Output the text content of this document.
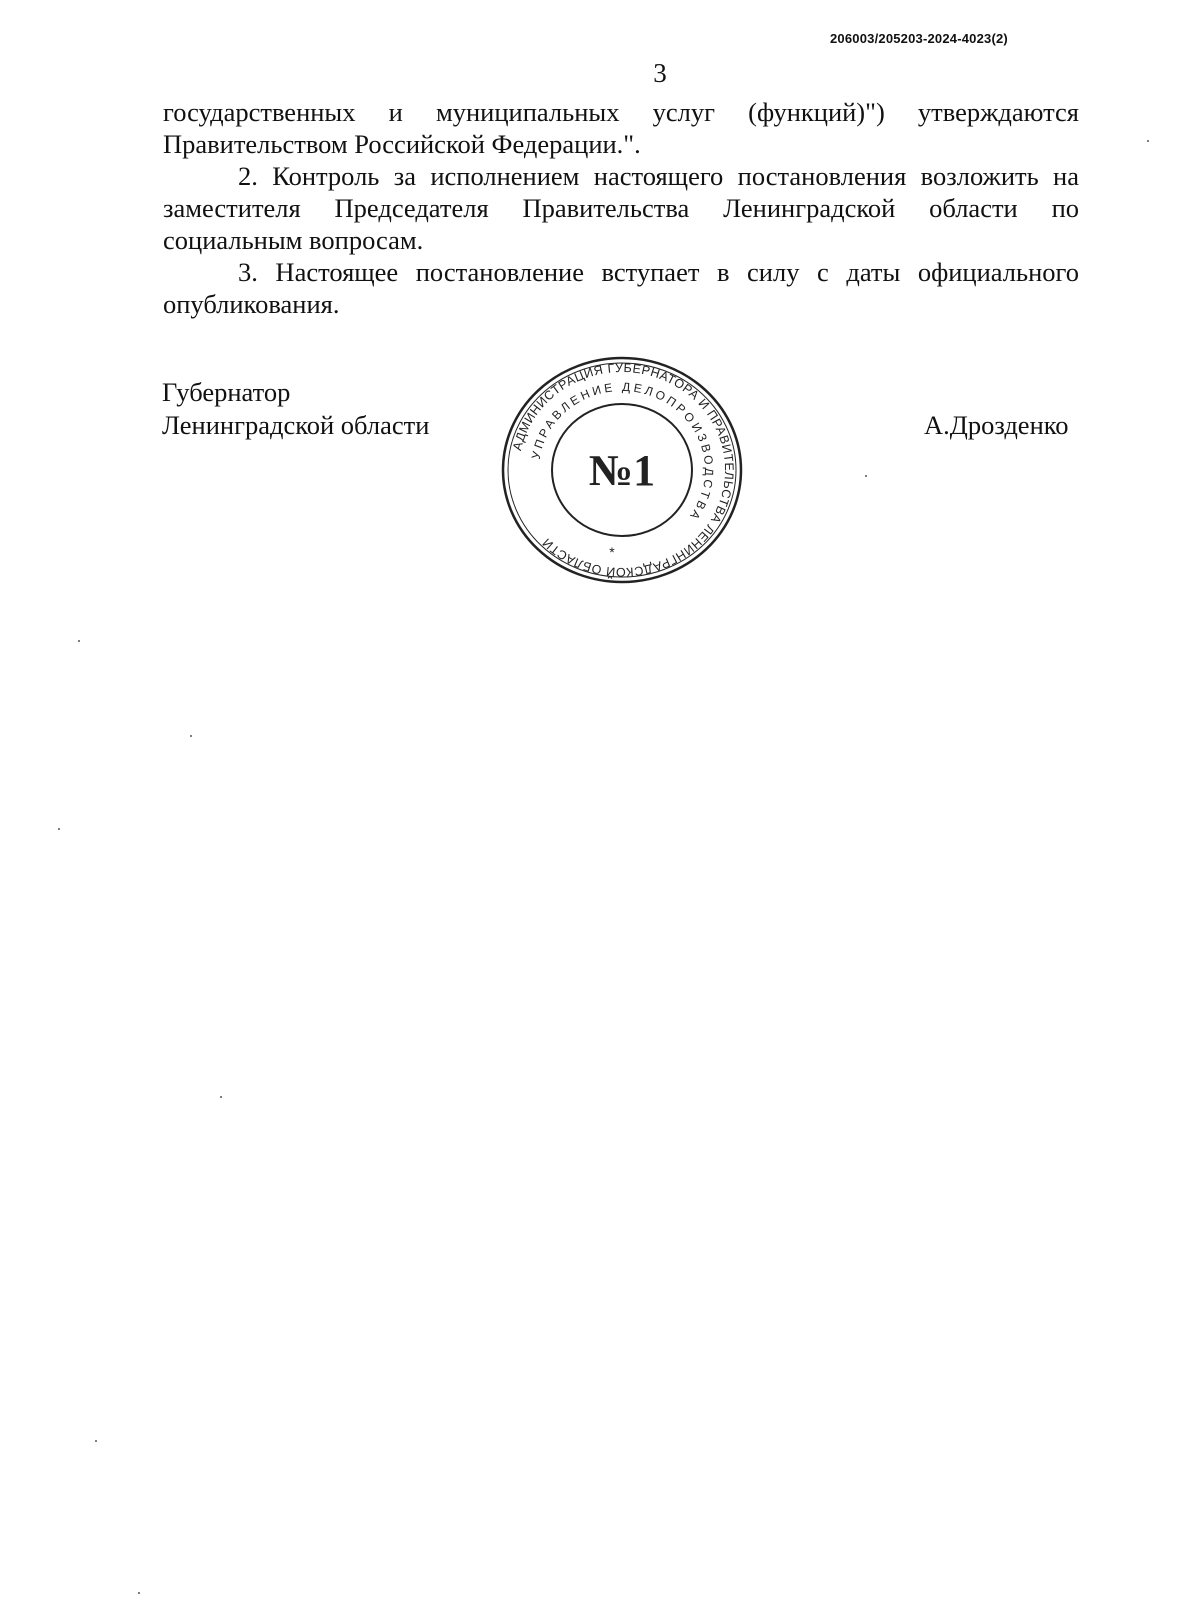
206003/205203-2024-4023(2)
3

государственных и муниципальных услуг (функций)") утверждаются Правительством Российской Федерации.".

2. Контроль за исполнением настоящего постановления возложить на заместителя Председателя Правительства Ленинградской области по социальным вопросам.

3. Настоящее постановление вступает в силу с даты официального опубликования.

Губернатор
Ленинградской области	А.Дрозденко
АДМИНИСТРАЦИЯ ГУБЕРНАТОРА И ПРАВИТЕЛЬСТВА ЛЕНИНГРАДСКОЙ ОБЛАСТИ
УПРАВЛЕНИЕ ДЕЛОПРОИЗВОДСТВА
№1
*
